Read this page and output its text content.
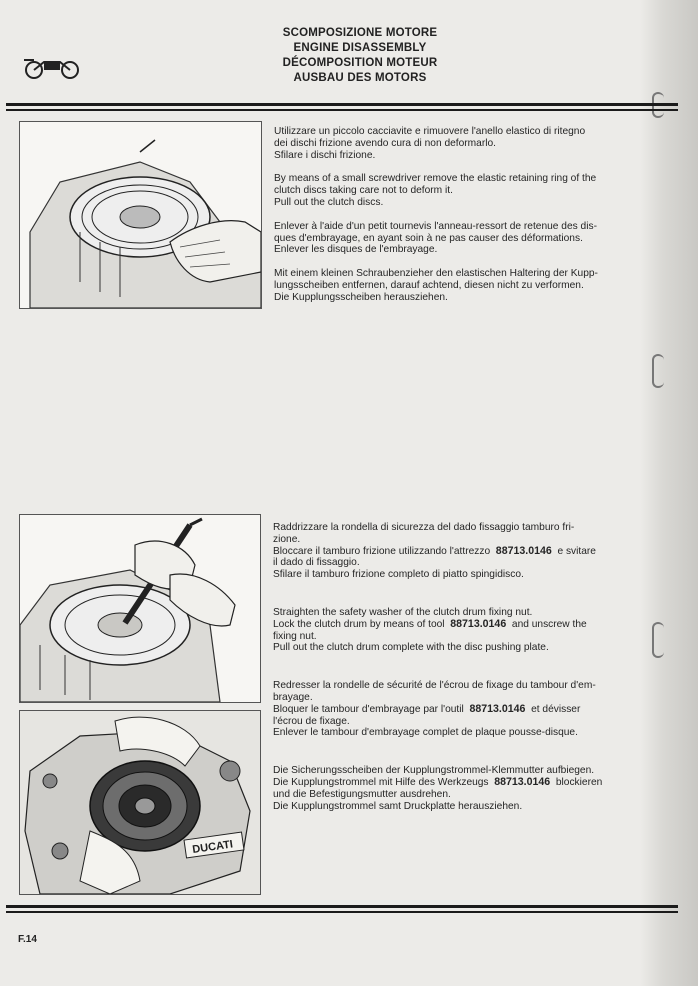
SCOMPOSIZIONE MOTORE
ENGINE DISASSEMBLY
DÉCOMPOSITION MOTEUR
AUSBAU DES MOTORS

Utilizzare un piccolo cacciavite e rimuovere l'anello elastico di ritegno

dei dischi frizione avendo cura di non deformarlo.

Sfilare i dischi frizione.

By means of a small screwdriver remove the elastic retaining ring of the

clutch discs taking care not to deform it.

Pull out the clutch discs.

Enlever à l'aide d'un petit tournevis l'anneau-ressort de retenue des dis-

ques d'embrayage, en ayant soin à ne pas causer des déformations.

Enlever les disques de l'embrayage.

Mit einem kleinen Schraubenzieher den elastischen Haltering der Kupp-

lungsscheiben entfernen, darauf achtend, diesen nicht zu verformen.

Die Kupplungsscheiben herausziehen.

DUCATI

Raddrizzare la rondella di sicurezza del dado fissaggio tamburo fri-

zione.

Bloccare il tamburo frizione utilizzando l'attrezzo 88713.0146 e svitare

il dado di fissaggio.

Sfilare il tamburo frizione completo di piatto spingidisco.

Straighten the safety washer of the clutch drum fixing nut.

Lock the clutch drum by means of tool 88713.0146 and unscrew the

fixing nut.

Pull out the clutch drum complete with the disc pushing plate.

Redresser la rondelle de sécurité de l'écrou de fixage du tambour d'em-

brayage.

Bloquer le tambour d'embrayage par l'outil 88713.0146 et dévisser

l'écrou de fixage.

Enlever le tambour d'embrayage complet de plaque pousse-disque.

Die Sicherungsscheiben der Kupplungstrommel-Klemmutter aufbiegen.

Die Kupplungstrommel mit Hilfe des Werkzeugs 88713.0146 blockieren

und die Befestigungsmutter ausdrehen.

Die Kupplungstrommel samt Druckplatte herausziehen.

F.14
